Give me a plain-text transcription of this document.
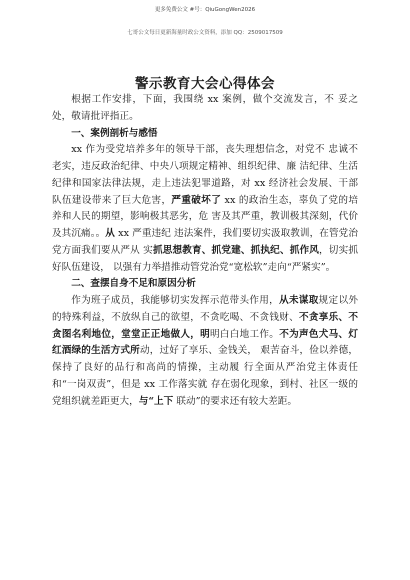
更多免费公文 #号：QiuGongWen2026
七哥公文每日更新海量时政公文资料，添加 QQ：2509017509
警示教育大会心得体会

根据工作安排，下面，我围绕 xx 案例，做个交流发言，不 妥之处，敬请批评指正。

一、案例剖析与感悟

xx 作为受党培养多年的领导干部，丧失理想信念，对党不 忠诚不老实，违反政治纪律、中央八项规定精神、组织纪律、廉 洁纪律、生活纪律和国家法律法规，走上违法犯罪道路，对 xx 经济社会发展、干部队伍建设带来了巨大危害，严重破坏了 xx 的政治生态，辜负了党的培养和人民的期望，影响极其恶劣，危 害及其严重，教训极其深刻，代价及其沉痛。。从 xx 严重违纪 违法案件，我们要切实汲取教训，在管党治党方面我们要从严从 实抓思想教育、抓党建、抓执纪、抓作风，切实抓好队伍建设， 以强有力举措推动管党治党“宽松软”走向“严紧实”。

二、查摆自身不足和原因分析

作为班子成员，我能够切实发挥示范带头作用，从未谋取规定以外的特殊利益，不放纵自己的欲望，不贪吃喝、不贪钱财、不贪享乐、不贪图名利地位，堂堂正正地做人，明明白白地工作。不为声色犬马、灯红酒绿的生活方式所动，过好了享乐、金钱关， 艰苦奋斗，俭以养德，保持了良好的品行和高尚的情操，主动履 行全面从严治党主体责任和“一岗双责”，但是 xx 工作落实就 存在弱化现象，到村、社区一级的党组织就差距更大，与“上下 联动”的要求还有较大差距。
